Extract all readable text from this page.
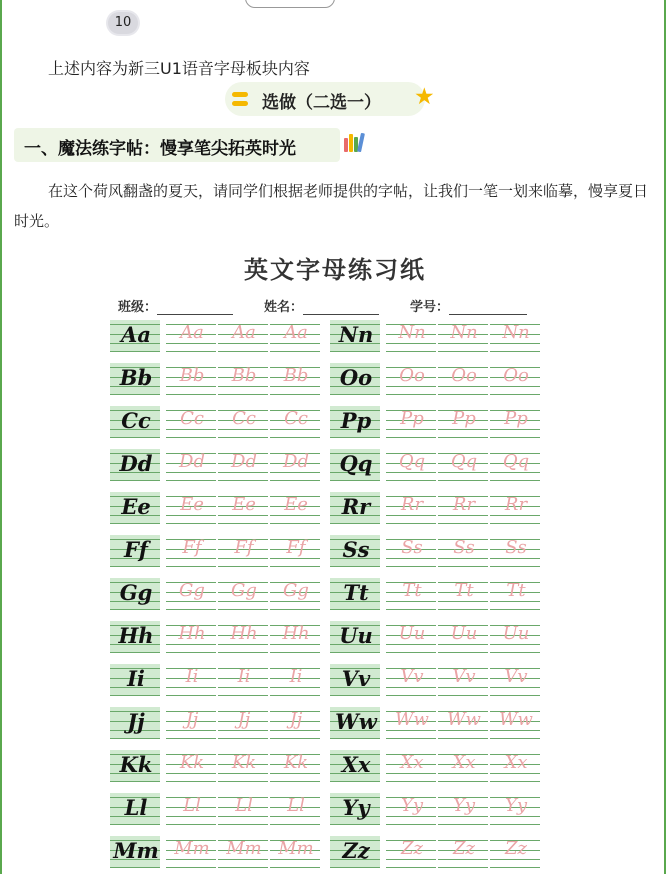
10
上述内容为新三U1语音字母板块内容
选做（二选一） ★
一、魔法练字帖：慢享笔尖拓英时光
在这个荷风翻盏的夏天，请同学们根据老师提供的字帖，让我们一笔一划来临摹，慢享夏日时光。
英文字母练习纸
班级：	姓名：	学号：
Aa	Aa	Aa	Aa
Bb	Bb	Bb	Bb
Cc	Cc	Cc	Cc
Dd	Dd	Dd	Dd
Ee	Ee	Ee	Ee
Ff	Ff	Ff	Ff
Gg	Gg	Gg	Gg
Hh	Hh	Hh	Hh
Ii	Ii	Ii	Ii
Jj	Jj	Jj	Jj
Kk	Kk	Kk	Kk
Ll	Ll	Ll	Ll
Mm Mm Mm Mm
Nn	Nn	Nn	Nn
Oo	Oo	Oo	Oo
Pp	Pp	Pp	Pp
Qq	Qq	Qq	Qq
Rr	Rr	Rr	Rr
Ss	Ss	Ss	Ss
Tt	Tt	Tt	Tt
Uu	Uu	Uu	Uu
Vv	Vv	Vv	Vv
Ww	Ww	Ww	Ww
Xx	Xx	Xx	Xx
Yy	Yy	Yy	Yy
Zz	Zz	Zz	Zz
